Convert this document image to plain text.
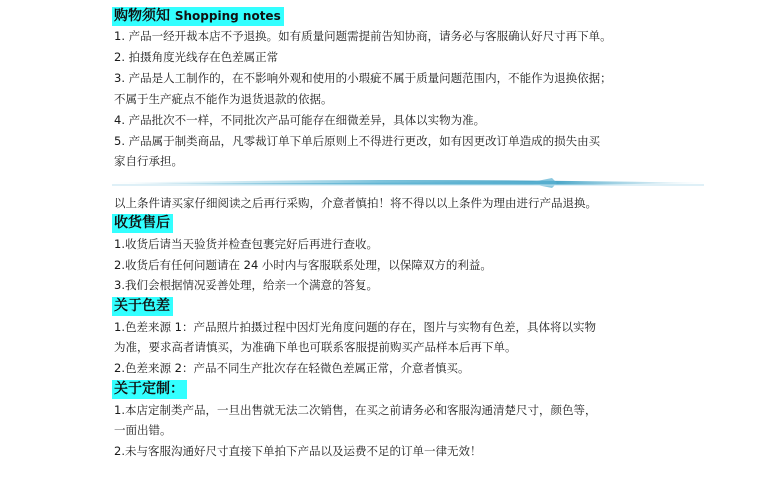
购物须知 Shopping notes
1. 产品一经开裁本店不予退换。如有质量问题需提前告知协商，请务必与客服确认好尺寸再下单。
2. 拍摄角度光线存在色差属正常
3. 产品是人工制作的，在不影响外观和使用的小瑕疵不属于质量问题范围内，不能作为退换依据；
不属于生产疵点不能作为退货退款的依据。
4. 产品批次不一样，不同批次产品可能存在细微差异，具体以实物为准。
5. 产品属于制类商品，凡零裁订单下单后原则上不得进行更改，如有因更改订单造成的损失由买
家自行承担。
以上条件请买家仔细阅读之后再行采购，介意者慎拍！将不得以以上条件为理由进行产品退换。
收货售后
1.收货后请当天验货并检查包裹完好后再进行查收。
2.收货后有任何问题请在 24 小时内与客服联系处理，以保障双方的利益。
3.我们会根据情况妥善处理，给亲一个满意的答复。
关于色差
1.色差来源 1：产品照片拍摄过程中因灯光角度问题的存在，图片与实物有色差，具体将以实物
为准，要求高者请慎买，为准确下单也可联系客服提前购买产品样本后再下单。
2.色差来源 2：产品不同生产批次存在轻微色差属正常，介意者慎买。
关于定制：
1.本店定制类产品，一旦出售就无法二次销售，在买之前请务必和客服沟通清楚尺寸，颜色等，
一面出错。
2.未与客服沟通好尺寸直接下单拍下产品以及运费不足的订单一律无效！
